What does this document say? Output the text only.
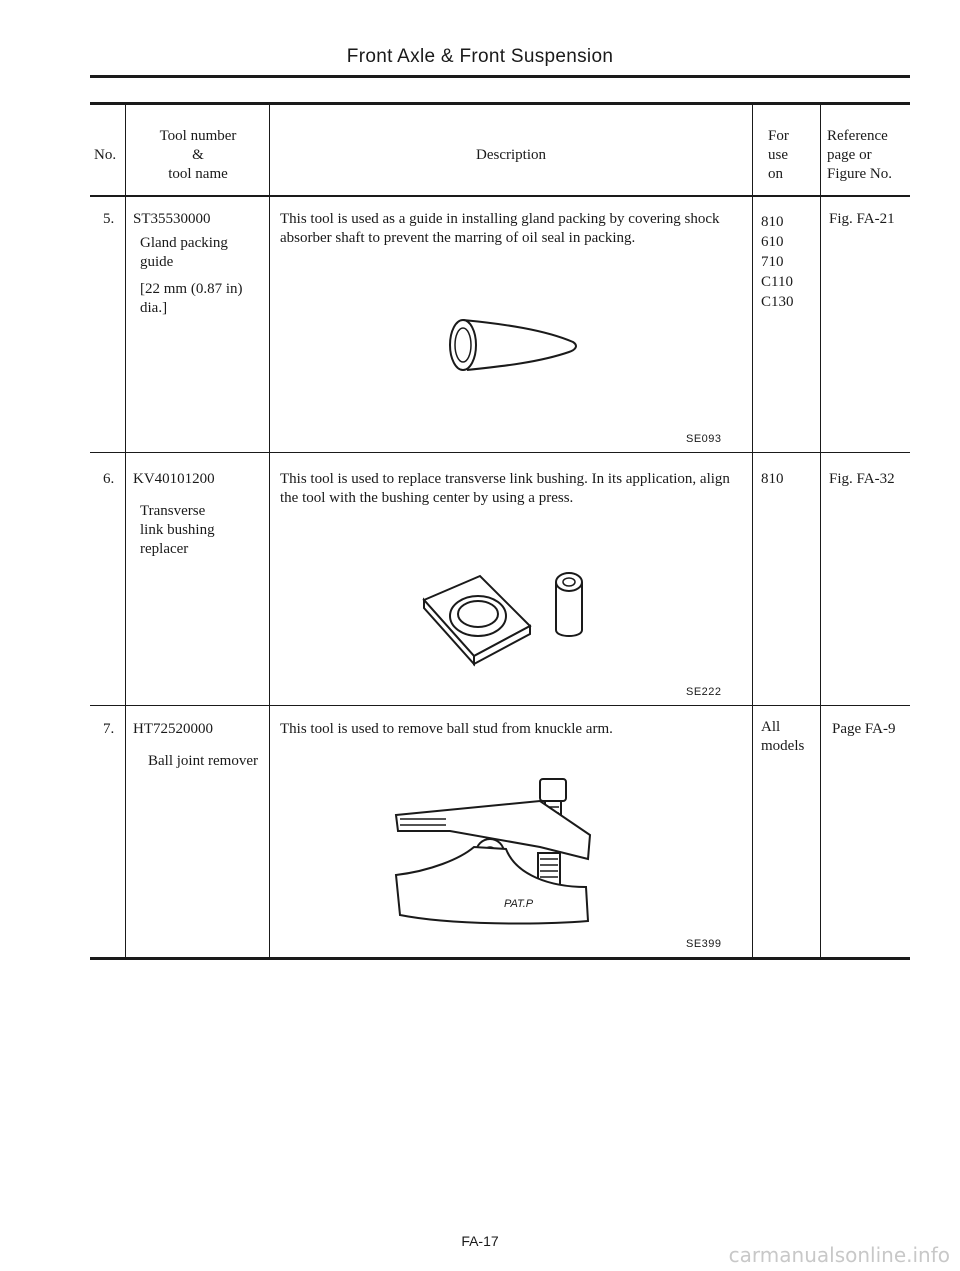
Front Axle & Front Suspension
No.
Tool number
&
tool name
Description
For
use
on
Reference
page or
Figure No.
5. ST35530000

Gland packing

guide

[22 mm (0.87 in)

dia.]

This tool is used as a guide in installing gland packing by covering shock absorber shaft to prevent the marring of oil seal in packing.

810

610

710

C110

C130

Fig. FA-21
SE093
6. KV40101200

Transverse

link bushing

replacer

This tool is used to replace transverse link bushing. In its application, align the tool with the bushing center by using a press.
810	Fig. FA-32
SE222
7. HT72520000
Ball joint remover
This tool is used to remove ball stud from knuckle arm.	All

models

Page FA-9
PAT.P
SE399
FA-17
carmanualsonline.info
